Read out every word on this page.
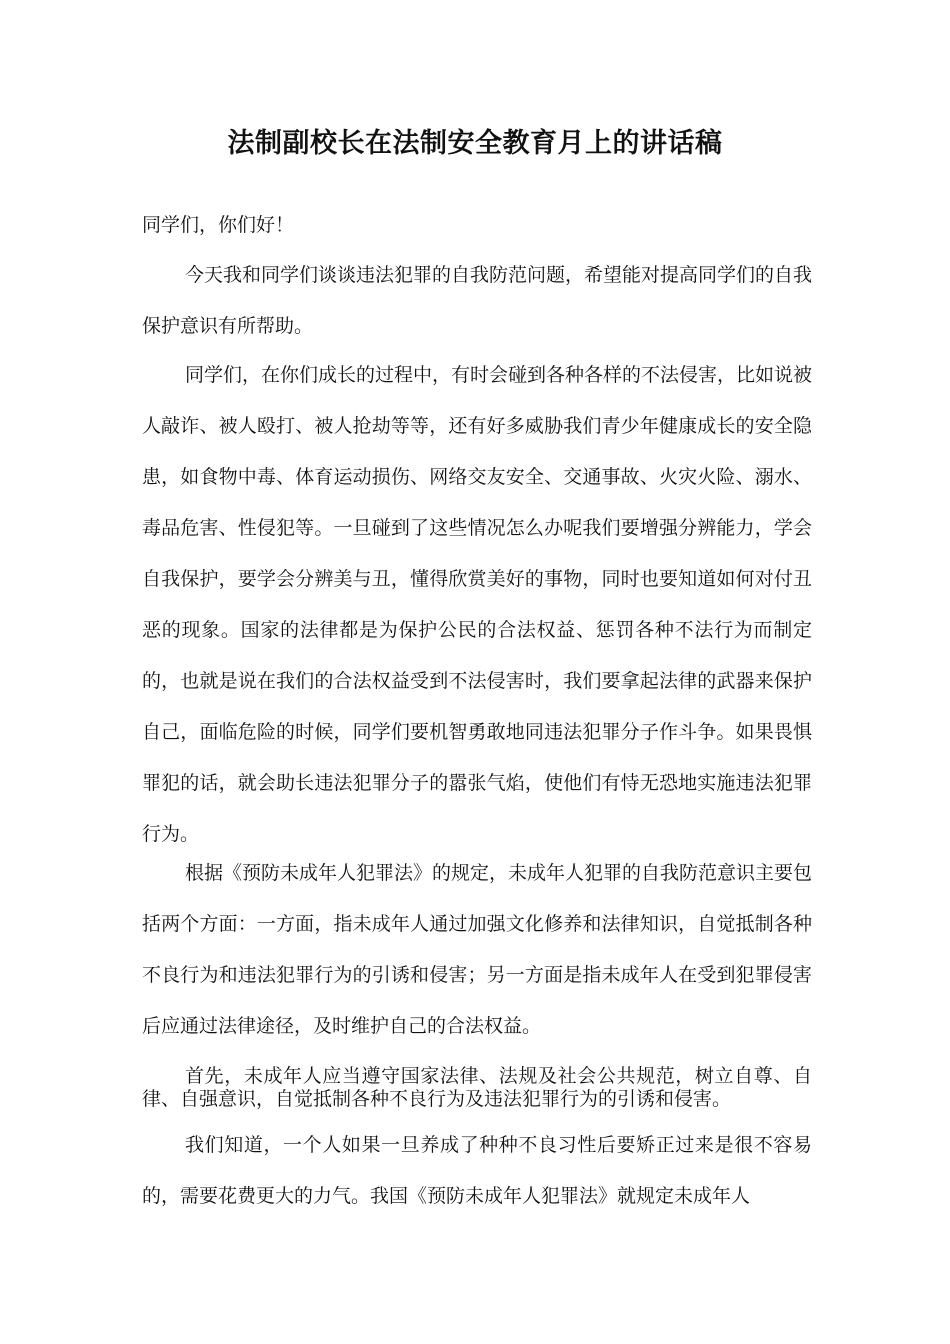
法制副校长在法制安全教育月上的讲话稿

同学们，你们好！

今天我和同学们谈谈违法犯罪的自我防范问题，希望能对提高同学们的自我保护意识有所帮助。

同学们，在你们成长的过程中，有时会碰到各种各样的不法侵害，比如说被人敲诈、被人殴打、被人抢劫等等，还有好多威胁我们青少年健康成长的安全隐患，如食物中毒、体育运动损伤、网络交友安全、交通事故、火灾火险、溺水、毒品危害、性侵犯等。一旦碰到了这些情况怎么办呢我们要增强分辨能力，学会自我保护，要学会分辨美与丑，懂得欣赏美好的事物，同时也要知道如何对付丑恶的现象。国家的法律都是为保护公民的合法权益、惩罚各种不法行为而制定的，也就是说在我们的合法权益受到不法侵害时，我们要拿起法律的武器来保护自己，面临危险的时候，同学们要机智勇敢地同违法犯罪分子作斗争。如果畏惧罪犯的话，就会助长违法犯罪分子的嚣张气焰，使他们有恃无恐地实施违法犯罪行为。

根据《预防未成年人犯罪法》的规定，未成年人犯罪的自我防范意识主要包括两个方面：一方面，指未成年人通过加强文化修养和法律知识，自觉抵制各种不良行为和违法犯罪行为的引诱和侵害；另一方面是指未成年人在受到犯罪侵害后应通过法律途径，及时维护自己的合法权益。

首先，未成年人应当遵守国家法律、法规及社会公共规范，树立自尊、自律、自强意识，自觉抵制各种不良行为及违法犯罪行为的引诱和侵害。

我们知道，一个人如果一旦养成了种种不良习性后要矫正过来是很不容易的，需要花费更大的力气。我国《预防未成年人犯罪法》就规定未成年人
